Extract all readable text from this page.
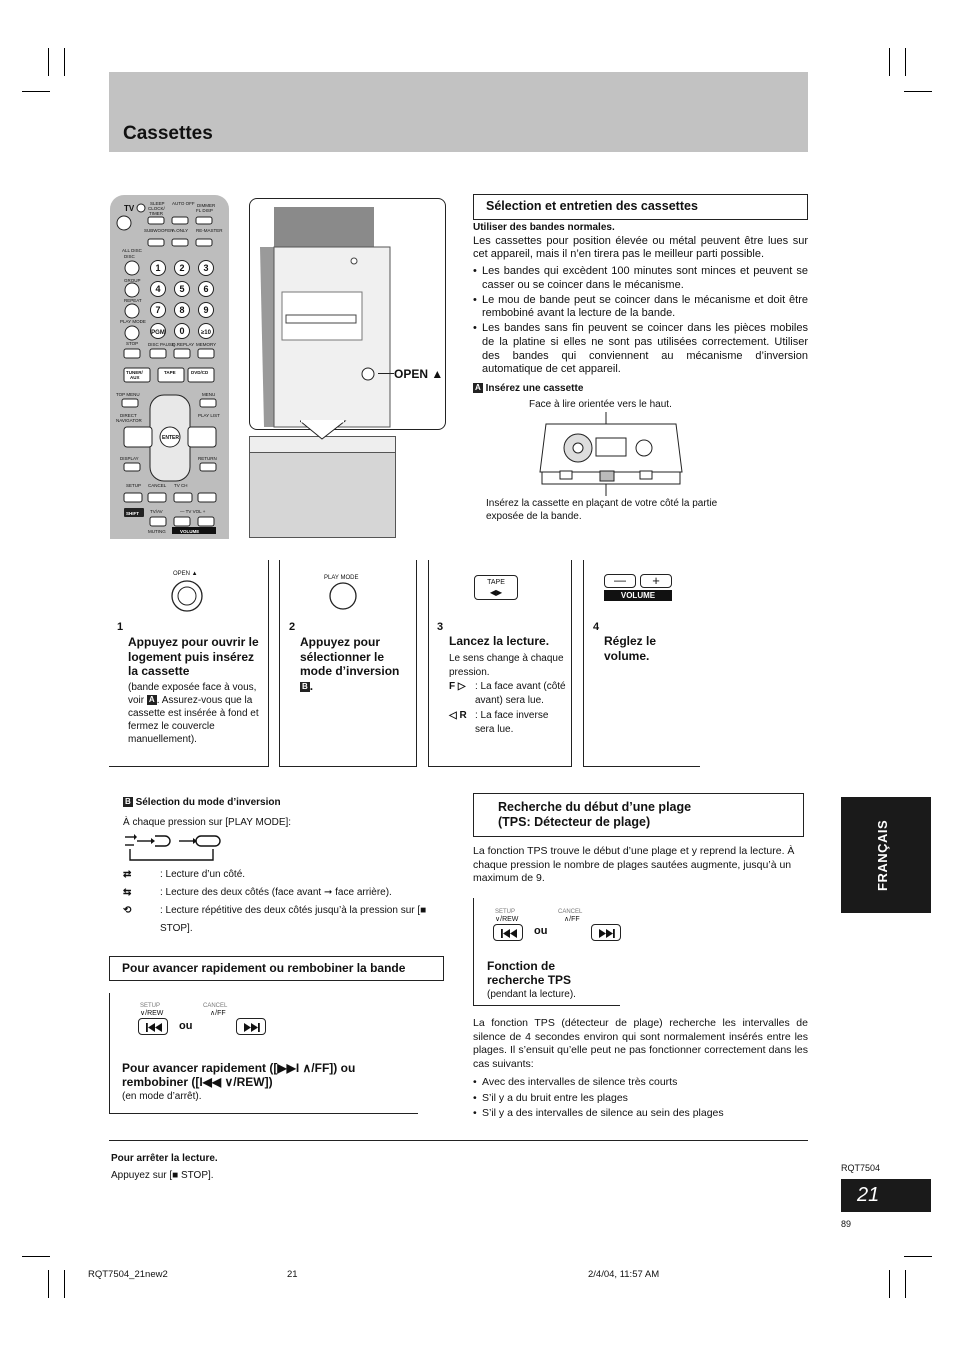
Cassettes
TV
SLEEP
CLOCK/
TIMER
AUTO OFF DIMMER
FL DISP
SUBWOOFER
A.ONLY RE-MASTER
ALL DISC
DISC
GROUP
REPEAT
PLAY MODE
STOP
1 2 3
4 5 6
7 8 9
PGM 0	≥10
DISC PAUSE
Q.REPLAY MEMORY
TUNER/
AUX
TAPE	DVD/CD
TOP MENU	MENU
DIRECT
NAVIGATOR
PLAY LIST
ENTER
DISPLAY	RETURN
SETUP CANCEL TV CH
SHIFT TV/AV	— TV VOL +
MUTING	VOLUME
OPEN ▲
Sélection et entretien des cassettes
Utiliser des bandes normales.
Les cassettes pour position élevée ou métal peuvent être lues sur cet appareil, mais il n’en tirera pas le meilleur parti possible.
• Les bandes qui excèdent 100 minutes sont minces et peuvent se casser ou se coincer dans le mécanisme.
• Le mou de bande peut se coincer dans le mécanisme et doit être rembobiné avant la lecture de la bande.
• Les bandes sans fin peuvent se coincer dans les pièces mobiles de la platine si elles ne sont pas utilisées correctement. Utiliser des bandes qui conviennent au mécanisme d’inversion automatique de cet appareil.
A Insérez une cassette
Face à lire orientée vers le haut.
Insérez la cassette en plaçant de votre côté la partie exposée de la bande.
OPEN ▲
1
Appuyez pour ouvrir le logement puis insérez la cassette
(bande exposée face à vous, voir A . Assurez-vous que la cassette est insérée à fond et fermez le couvercle manuellement).
PLAY MODE
2
Appuyez pour sélectionner le mode d’inversion B .
TAPE
◀▶
3
Lancez la lecture.
Le sens change à chaque pression.
F ▷ : La face avant (côté avant) sera lue.
◁ R : La face inverse sera lue.
—	+
VOLUME
4
Réglez le volume.
B Sélection du mode d’inversion
À chaque pression sur [PLAY MODE]:
⇄	: Lecture d’un côté.
⇆	: Lecture des deux côtés (face avant ➞ face arrière).
⟲	: Lecture répétitive des deux côtés jusqu’à la pression sur [■ STOP].
Pour avancer rapidement ou rembobiner la bande
SETUP
∨/REW
CANCEL
∧/FF

ou
Pour avancer rapidement ([▶▶I ∧/FF]) ou
rembobiner ([I◀◀ ∨/REW])
(en mode d’arrêt).
Recherche du début d’une plage
(TPS: Détecteur de plage)
La fonction TPS trouve le début d’une plage et y reprend la lecture. À chaque pression le nombre de plages sautées augmente, jusqu’à un maximum de 9.
SETUP
∨/REW
CANCEL
∧/FF

ou
Fonction de recherche TPS
(pendant la lecture).
La fonction TPS (détecteur de plage) recherche les intervalles de silence de 4 secondes environ qui sont normalement insérés entre les plages. Il s’ensuit qu’elle peut ne pas fonctionner correctement dans les cas suivants:
• Avec des intervalles de silence très courts
• S’il y a du bruit entre les plages
• S’il y a des intervalles de silence au sein des plages
Pour arrêter la lecture.
Appuyez sur [■ STOP].
FRANÇAIS
RQT7504
21
89
RQT7504_21new2	21	2/4/04, 11:57 AM
